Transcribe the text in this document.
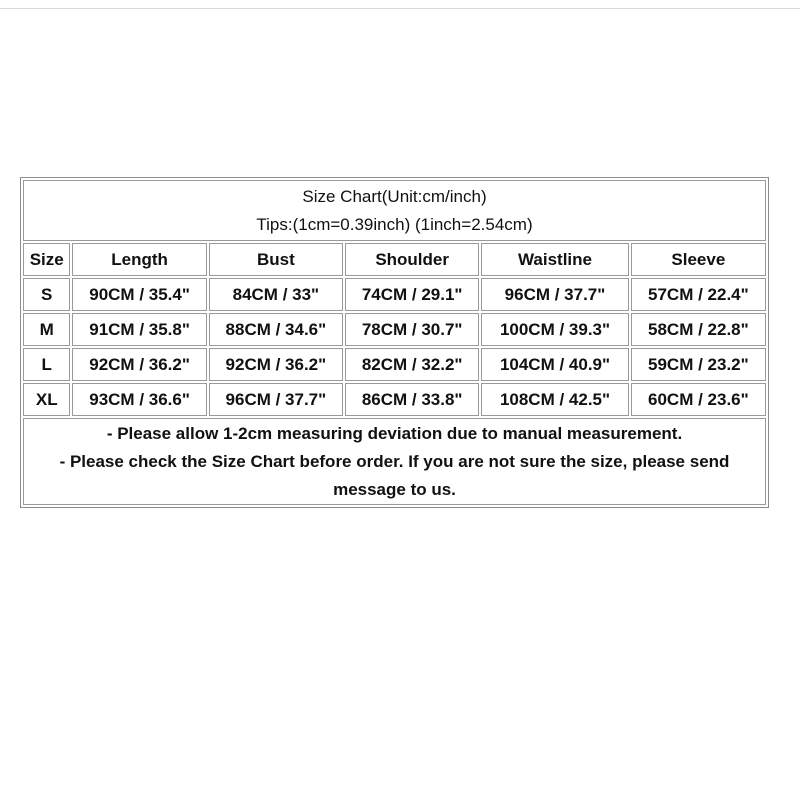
Size Chart(Unit:cm/inch)
Tips:(1cm=0.39inch) (1inch=2.54cm)					

Size	Length	Bust	Shoulder	Waistline	Sleeve
S	90CM / 35.4"	84CM / 33"	74CM / 29.1"	96CM / 37.7"	57CM / 22.4"
M	91CM / 35.8"	88CM / 34.6"	78CM / 30.7"	100CM / 39.3"	58CM / 22.8"
L	92CM / 36.2"	92CM / 36.2"	82CM / 32.2"	104CM / 40.9"	59CM / 23.2"
XL	93CM / 36.6"	96CM / 37.7"	86CM / 33.8"	108CM / 42.5"	60CM / 23.6"

- Please allow 1-2cm measuring deviation due to manual measurement.
- Please check the Size Chart before order. If you are not sure the size, please send message to us.					
